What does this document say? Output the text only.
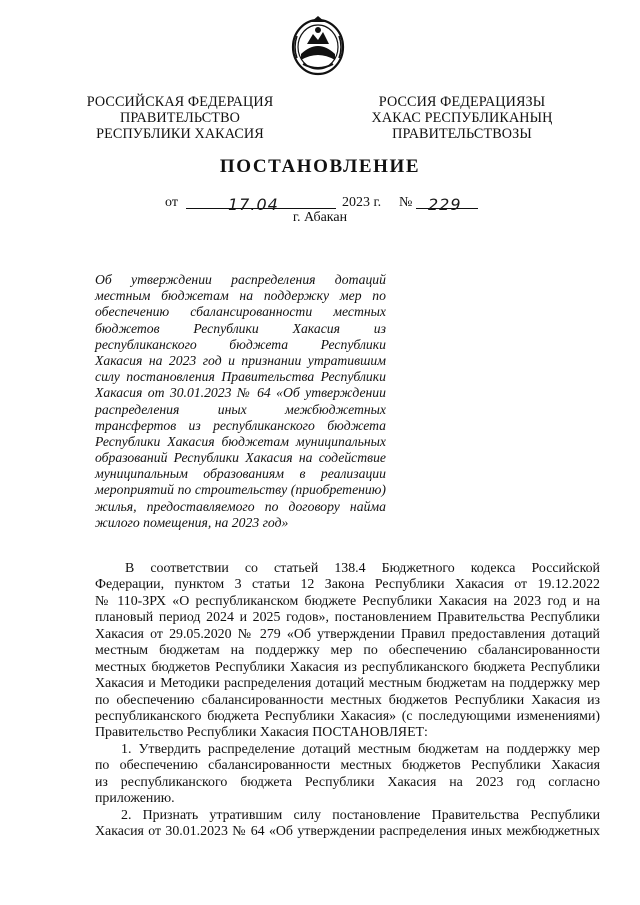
РОССИЙСКАЯ ФЕДЕРАЦИЯ
ПРАВИТЕЛЬСТВО
РЕСПУБЛИКИ ХАКАСИЯ
РОССИЯ ФЕДЕРАЦИЯЗЫ
ХАКАС РЕСПУБЛИКАНЫҢ
ПРАВИТЕЛЬСТВОЗЫ
ПОСТАНОВЛЕНИЕ
от	17.04	2023 г. № 229
г. Абакан
Об утверждении распределения дотаций
местным бюджетам на поддержку мер по
обеспечению сбалансированности местных
бюджетов Республики Хакасия из
республиканского бюджета Республики
Хакасия на 2023 год и признании утратившим
силу постановления Правительства Республики
Хакасия от 30.01.2023 № 64 «Об утверждении
распределения иных межбюджетных
трансфертов из республиканского бюджета
Республики Хакасия бюджетам муниципальных
образований Республики Хакасия на содействие
муниципальным образованиям в реализации
мероприятий по строительству (приобретению)
жилья, предоставляемого по договору найма
жилого помещения, на 2023 год»
В соответствии со статьей 138.4 Бюджетного кодекса Российской
Федерации, пунктом 3 статьи 12 Закона Республики Хакасия от 19.12.2022
№ 110-ЗРХ «О республиканском бюджете Республики Хакасия на 2023 год и на
плановый период 2024 и 2025 годов», постановлением Правительства Республики
Хакасия от 29.05.2020 № 279 «Об утверждении Правил предоставления дотаций
местным бюджетам на поддержку мер по обеспечению сбалансированности
местных бюджетов Республики Хакасия из республиканского бюджета Республики
Хакасия и Методики распределения дотаций местным бюджетам на поддержку мер
по обеспечению сбалансированности местных бюджетов Республики Хакасия из
республиканского бюджета Республики Хакасия» (с последующими изменениями)
Правительство Республики Хакасия ПОСТАНОВЛЯЕТ:
1. Утвердить распределение дотаций местным бюджетам на поддержку мер
по обеспечению сбалансированности местных бюджетов Республики Хакасия
из республиканского бюджета Республики Хакасия на 2023 год согласно
приложению.
2. Признать утратившим силу постановление Правительства Республики
Хакасия от 30.01.2023 № 64 «Об утверждении распределения иных межбюджетных
